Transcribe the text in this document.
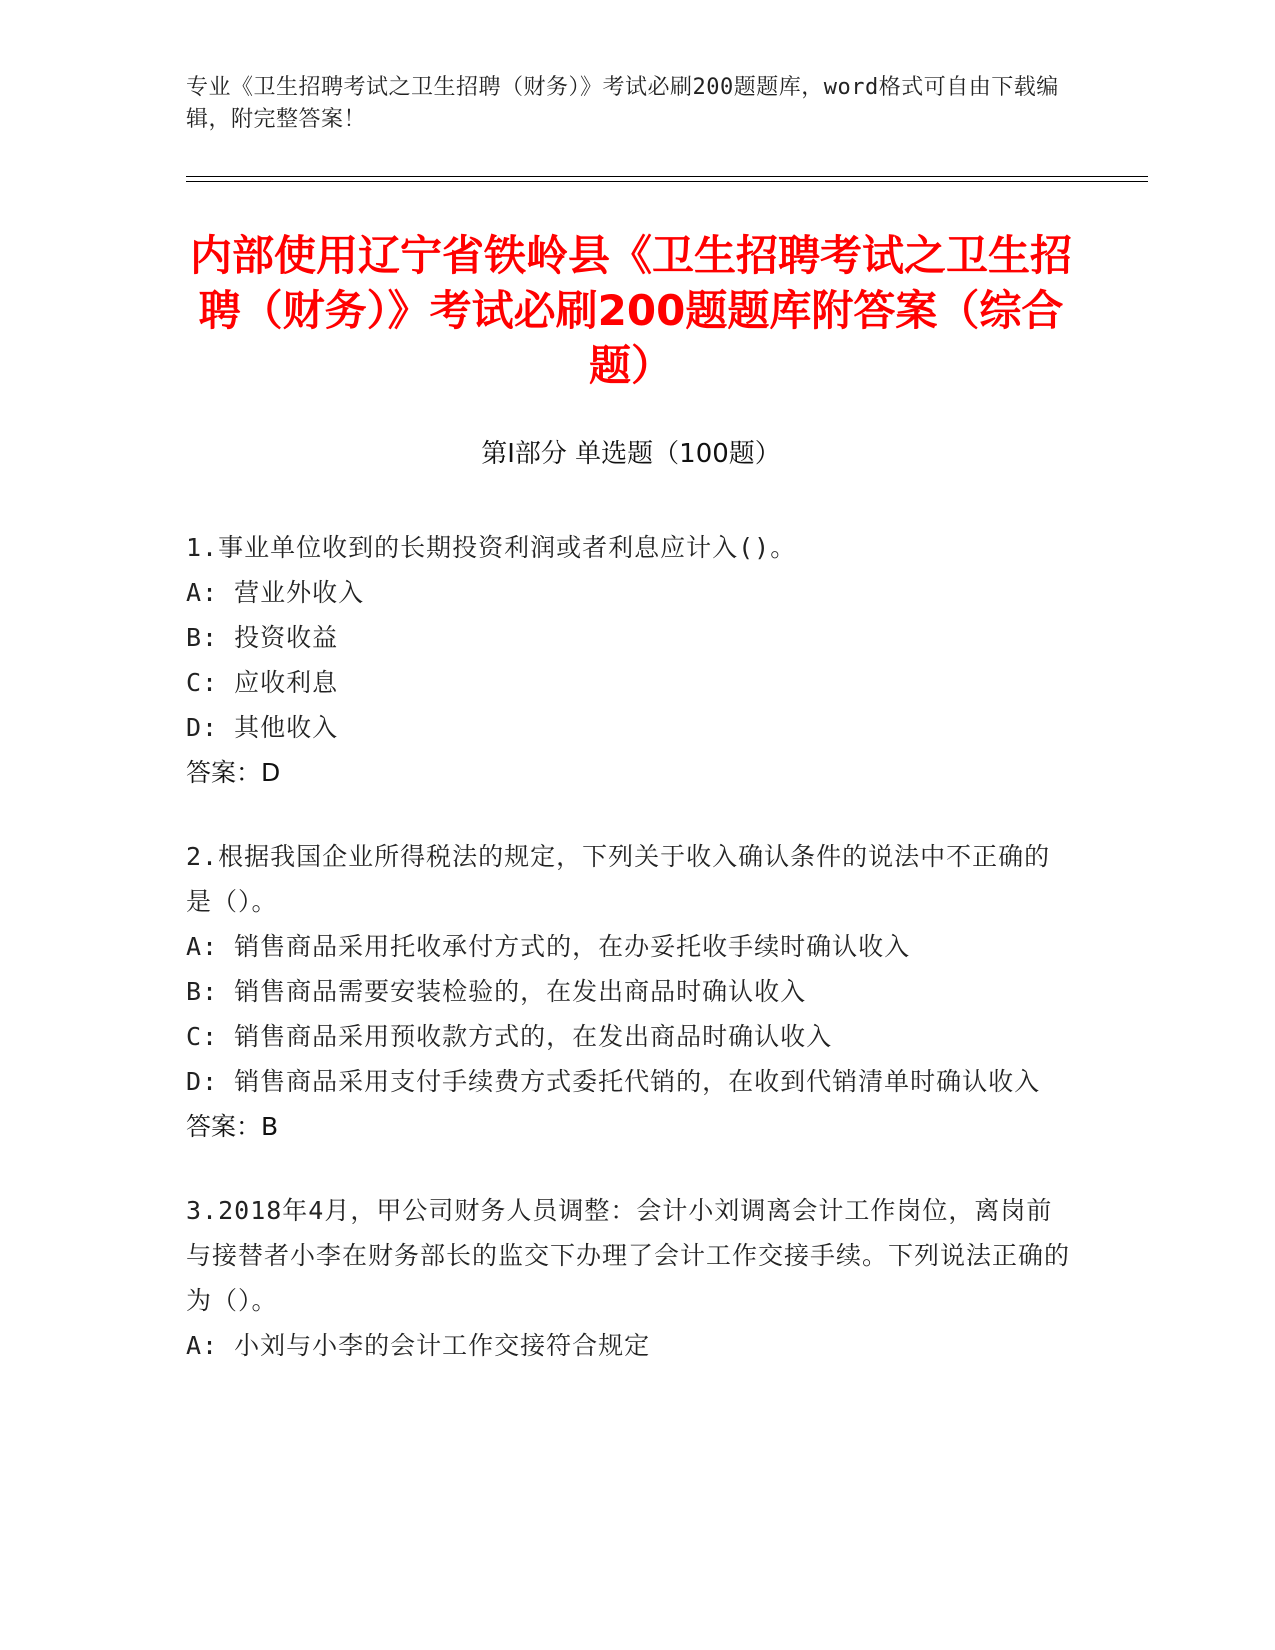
专业《卫生招聘考试之卫生招聘（财务）》考试必刷200题题库，word格式可自由下载编辑，附完整答案！
内部使用辽宁省铁岭县《卫生招聘考试之卫生招聘（财务）》考试必刷200题题库附答案（综合题）
第Ⅰ部分 单选题（100题）

1.事业单位收到的长期投资利润或者利息应计入()。

A: 营业外收入

B: 投资收益

C: 应收利息

D: 其他收入

答案：D

2.根据我国企业所得税法的规定，下列关于收入确认条件的说法中不正确的是（）。

A: 销售商品采用托收承付方式的，在办妥托收手续时确认收入

B: 销售商品需要安装检验的，在发出商品时确认收入

C: 销售商品采用预收款方式的，在发出商品时确认收入

D: 销售商品采用支付手续费方式委托代销的，在收到代销清单时确认收入

答案：B

3.2018年4月，甲公司财务人员调整：会计小刘调离会计工作岗位，离岗前与接替者小李在财务部长的监交下办理了会计工作交接手续。下列说法正确的为（）。

A: 小刘与小李的会计工作交接符合规定
